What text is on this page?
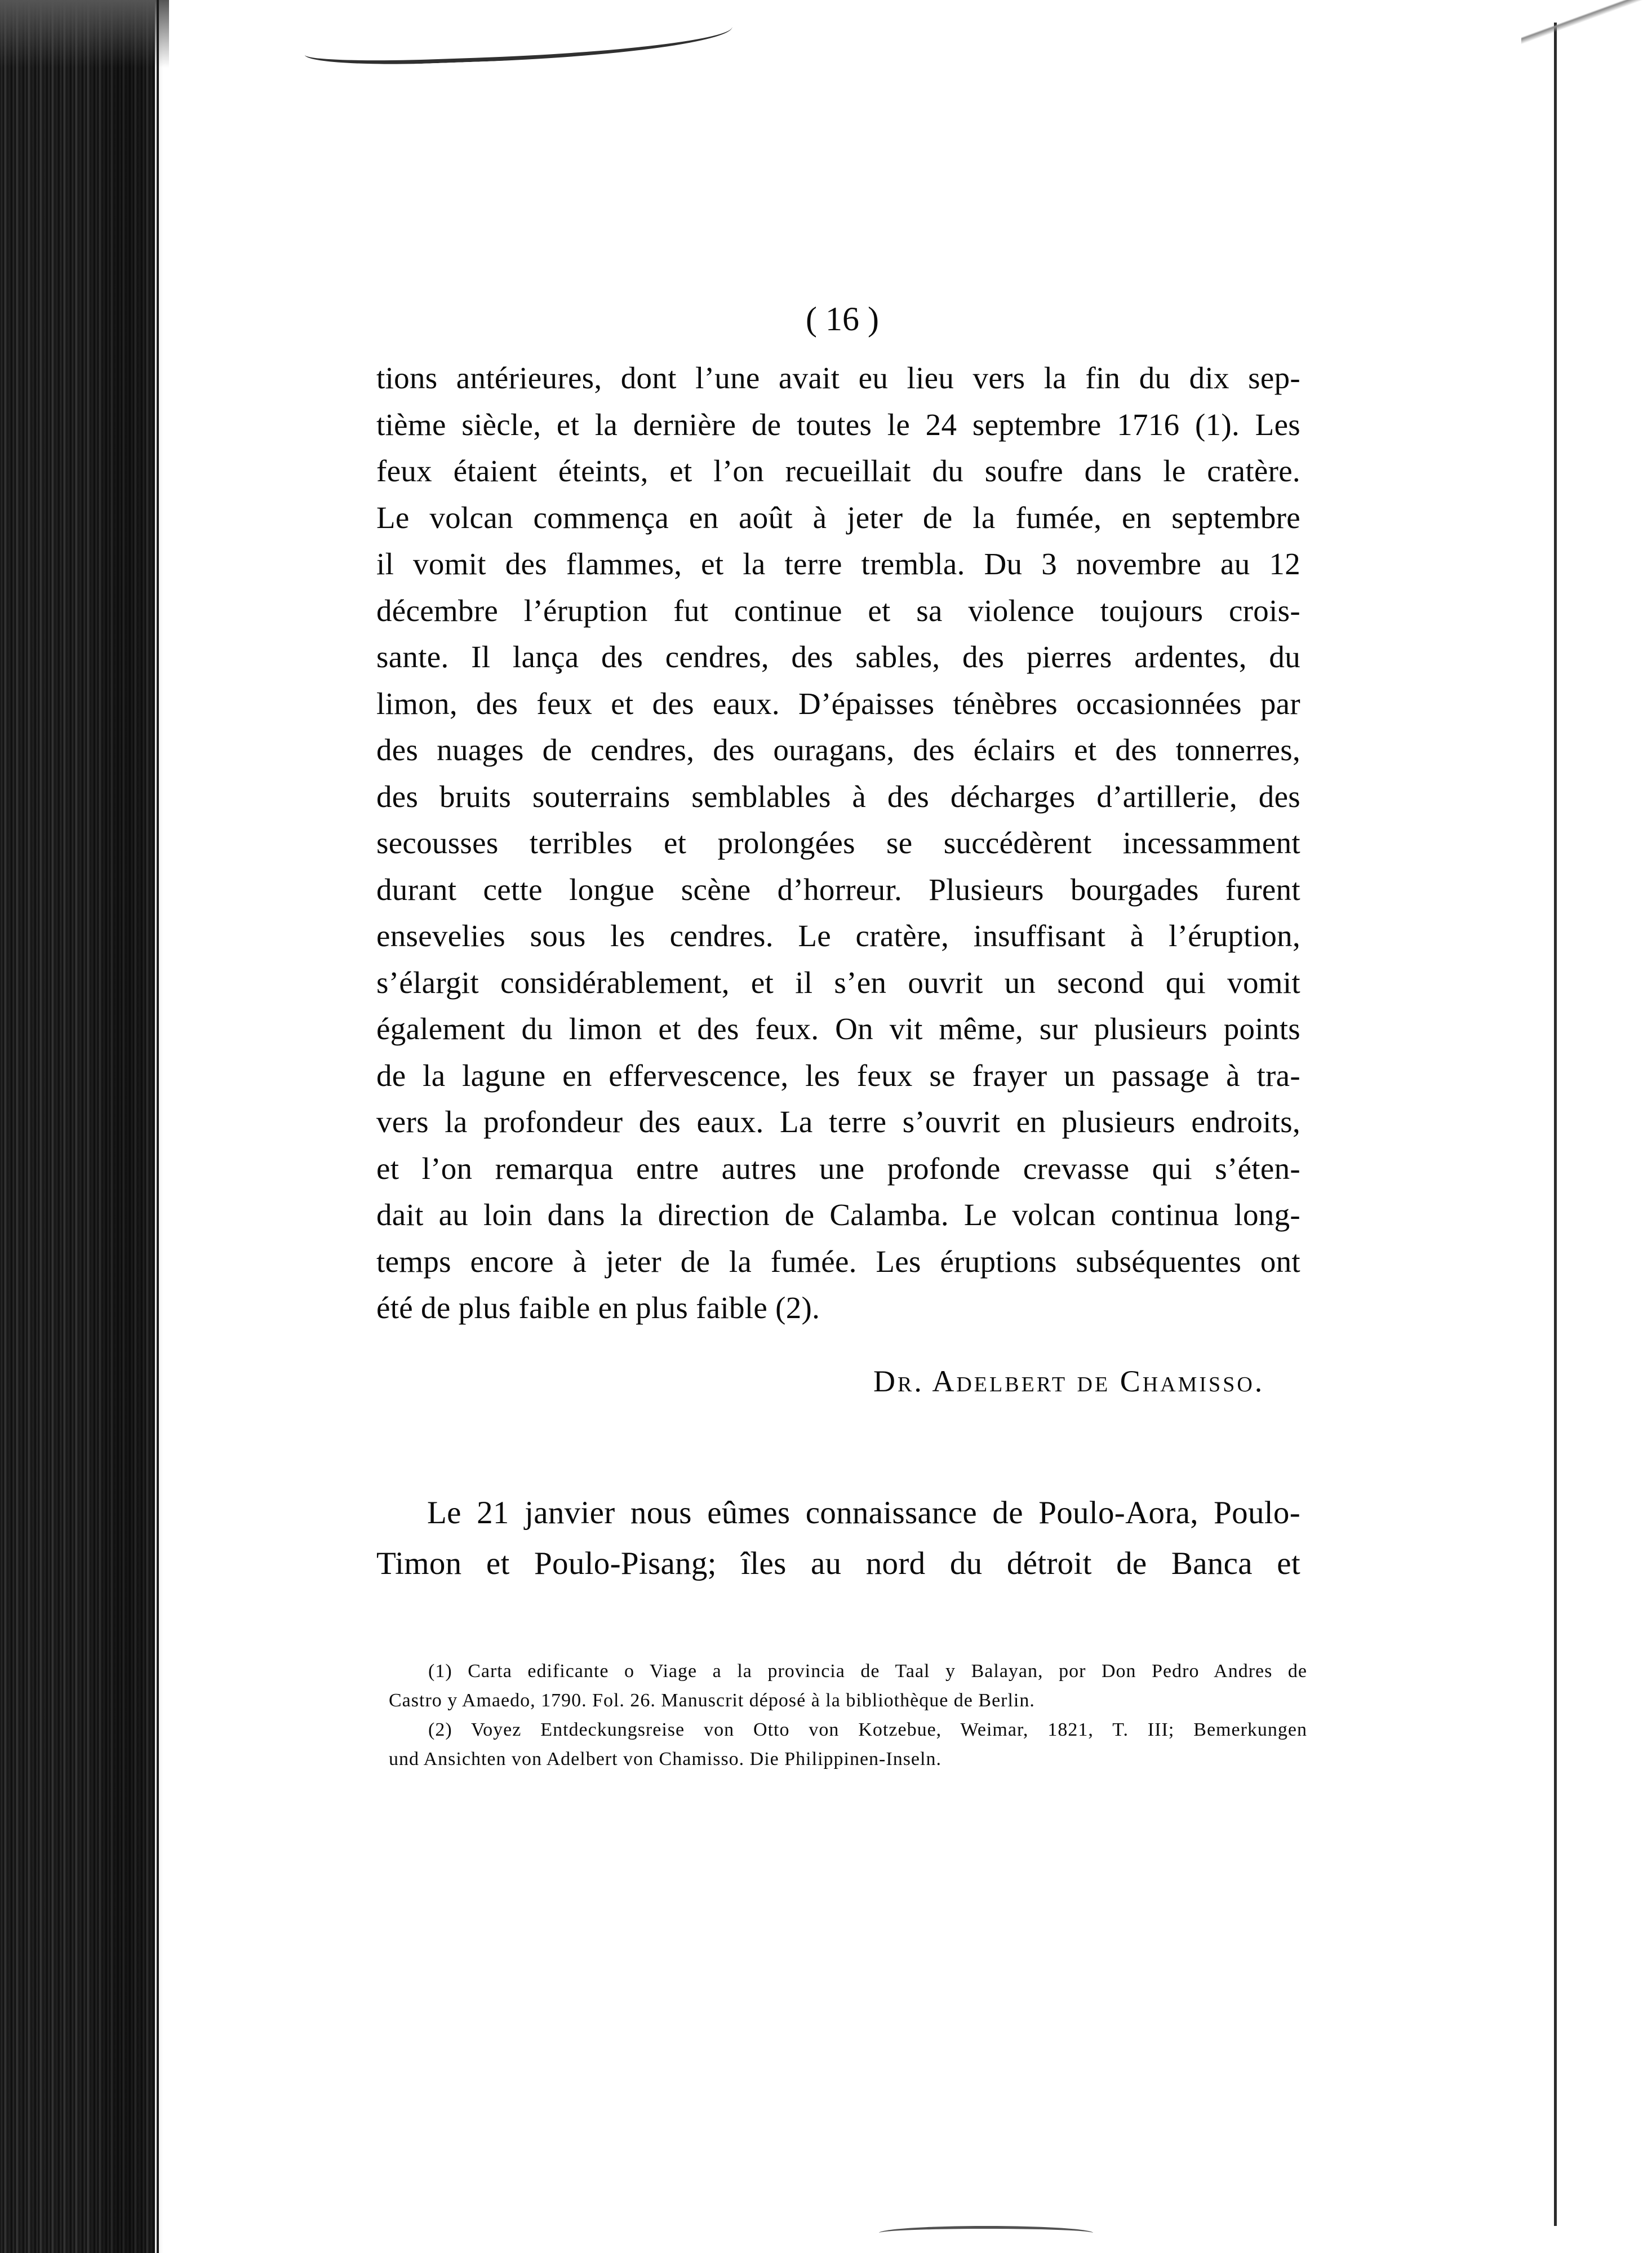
( 16 )
tions antérieures, dont l’une avait eu lieu vers la fin du dix sep-
tième siècle, et la dernière de toutes le 24 septembre 1716 (1). Les
feux étaient éteints, et l’on recueillait du soufre dans le cratère.
Le volcan commença en août à jeter de la fumée, en septembre
il vomit des flammes, et la terre trembla. Du 3 novembre au 12
décembre l’éruption fut continue et sa violence toujours crois-
sante. Il lança des cendres, des sables, des pierres ardentes, du
limon, des feux et des eaux. D’épaisses ténèbres occasionnées par
des nuages de cendres, des ouragans, des éclairs et des tonnerres,
des bruits souterrains semblables à des décharges d’artillerie, des
secousses terribles et prolongées se succédèrent incessamment
durant cette longue scène d’horreur. Plusieurs bourgades furent
ensevelies sous les cendres. Le cratère, insuffisant à l’éruption,
s’élargit considérablement, et il s’en ouvrit un second qui vomit
également du limon et des feux. On vit même, sur plusieurs points
de la lagune en effervescence, les feux se frayer un passage à tra-
vers la profondeur des eaux. La terre s’ouvrit en plusieurs endroits,
et l’on remarqua entre autres une profonde crevasse qui s’éten-
dait au loin dans la direction de Calamba. Le volcan continua long-
temps encore à jeter de la fumée. Les éruptions subséquentes ont
été de plus faible en plus faible (2).
Dr. Adelbert de Chamisso.
Le 21 janvier nous eûmes connaissance de Poulo-Aora, Poulo-
Timon et Poulo-Pisang; îles au nord du détroit de Banca et
(1) Carta edificante o Viage a la provincia de Taal y Balayan, por Don Pedro Andres de
Castro y Amaedo, 1790. Fol. 26. Manuscrit déposé à la bibliothèque de Berlin.
(2) Voyez Entdeckungsreise von Otto von Kotzebue, Weimar, 1821, T. III; Bemerkungen
und Ansichten von Adelbert von Chamisso. Die Philippinen-Inseln.
